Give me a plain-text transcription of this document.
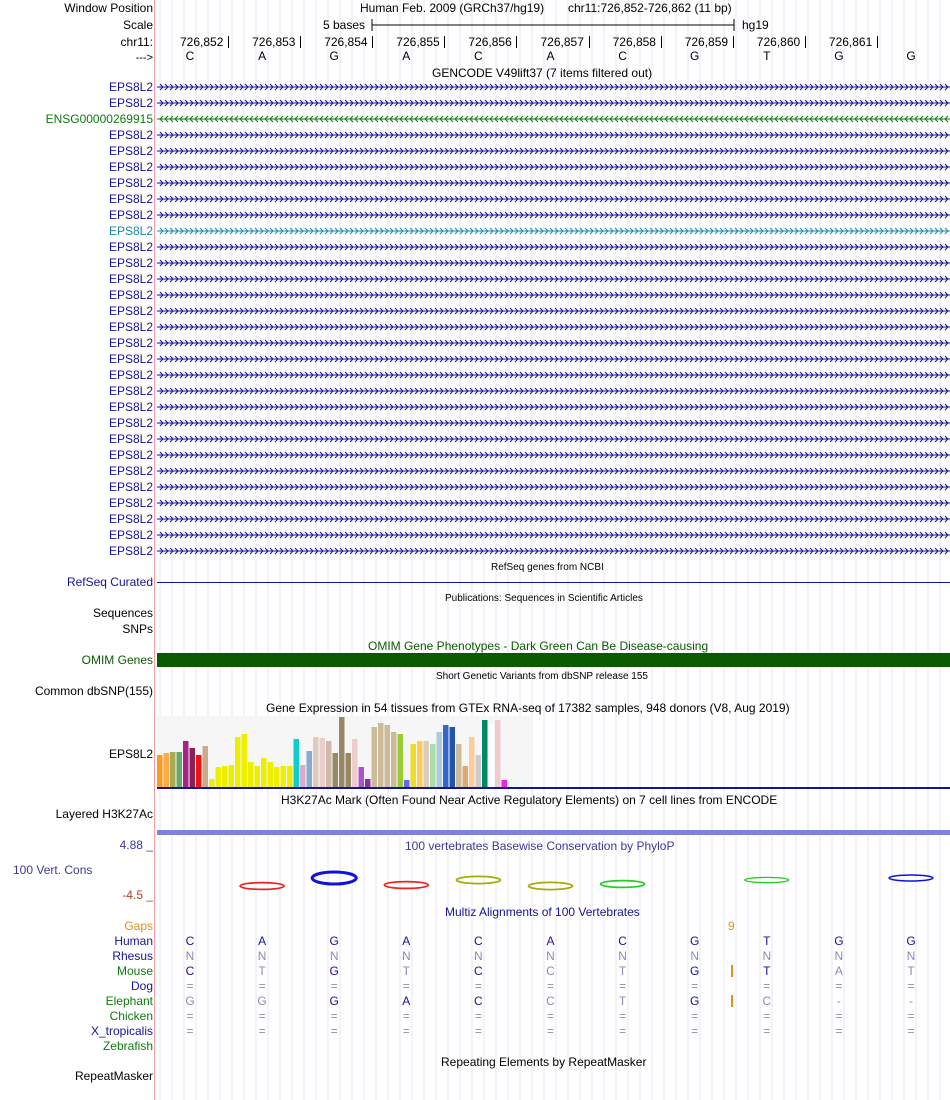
Window Position
Scale
chr11:
--->
Human Feb. 2009 (GRCh37/hg19) chr11:726,852-726,862 (11 bp)
5 bases	hg19
726,852 726,853 726,854 726,855 726,856 726,857 726,858 726,859 726,860 726,861
C	A	G	A	C	A	C	G	T	G	G
GENCODE V49lift37 (7 items filtered out)
EPS8L2
EPS8L2
ENSG00000269915
EPS8L2
EPS8L2
EPS8L2
EPS8L2
EPS8L2
EPS8L2
EPS8L2
EPS8L2
EPS8L2
EPS8L2
EPS8L2
EPS8L2
EPS8L2
EPS8L2
EPS8L2
EPS8L2
EPS8L2
EPS8L2
EPS8L2
EPS8L2
EPS8L2
EPS8L2
EPS8L2
EPS8L2
EPS8L2
EPS8L2
EPS8L2
RefSeq genes from NCBI
RefSeq Curated
Publications: Sequences in Scientific Articles
Sequences
SNPs
OMIM Gene Phenotypes - Dark Green Can Be Disease-causing
OMIM Genes
Short Genetic Variants from dbSNP release 155
Common dbSNP(155)
Gene Expression in 54 tissues from GTEx RNA-seq of 17382 samples, 948 donors (V8, Aug 2019)
EPS8L2
H3K27Ac Mark (Often Found Near Active Regulatory Elements) on 7 cell lines from ENCODE
Layered H3K27Ac
100 vertebrates Basewise Conservation by PhyloP
4.88 _
100 Vert. Cons
-4.5 _
Multiz Alignments of 100 Vertebrates
Gaps	9
Human	C	A	G	A	C	A	C	G	T	G	G
Rhesus	N	N	N	N	N	N	N	N	N	N	N
Mouse	C	T	G	T	C	C	T	G	T	A	T
Dog	=	=	=	=	=	=	=	=	=	=	=
Elephant	G	G	G	A	C	C	T	G	C	-	-
Chicken	=	=	=	=	=	=	=	=	=	=	=
X_tropicalis	=	=	=	=	=	=	=	=	=	=	=
Zebrafish
Repeating Elements by RepeatMasker
RepeatMasker
